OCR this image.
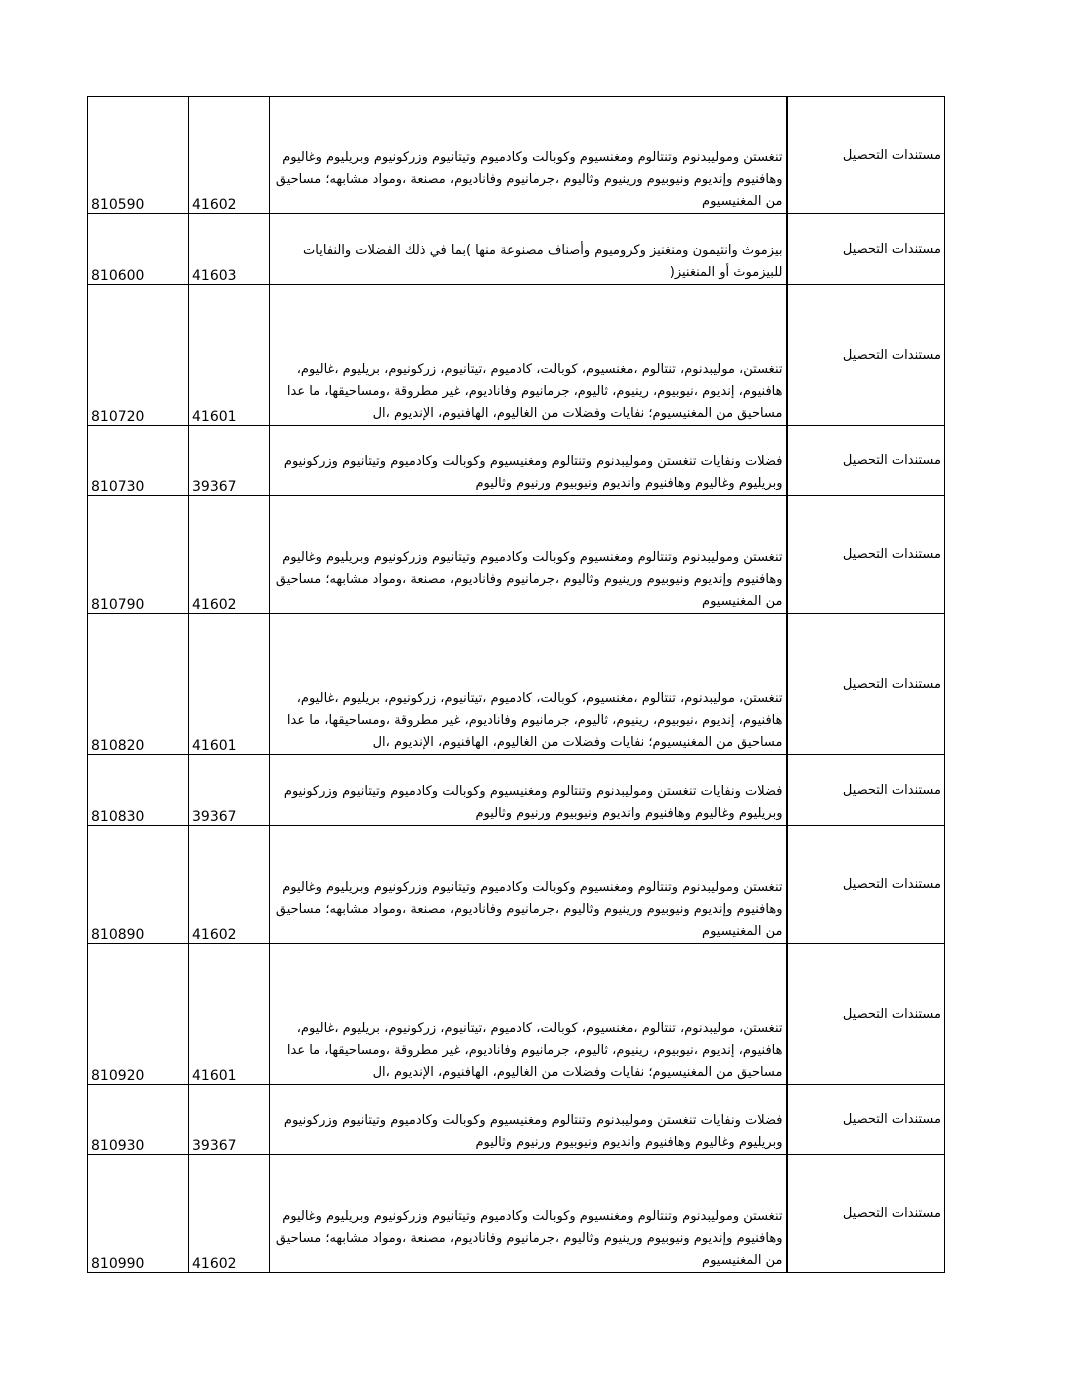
810590	41602	تنغستن وموليبدنوم وتنتالوم ومغنسيوم وكوبالت وكادميوم وتيتانيوم وزركونيوم وبريليوم وغاليوم وهافنيوم وإنديوم ونيوبيوم ورينيوم وثاليوم ،جرمانيوم وفاناديوم، مصنعة ،ومواد مشابهه؛ مساحيق من المغنيسيوم	مستندات التحصيل
810600	41603	بيزموث وانتيمون ومنغنيز وكروميوم وأصناف مصنوعة منها )بما في ذلك الفضلات والنفايات للبيزموث أو المنغنيز(	مستندات التحصيل
810720	41601	تنغستن، موليبدنوم، تنتالوم ،مغنسيوم، كوبالت، كادميوم ،تيتانيوم، زركونيوم، بريليوم ،غاليوم، هافنيوم، إنديوم ،نيوبيوم، رينيوم، ثاليوم، جرمانيوم وفاناديوم، غير مطروقة ،ومساحيقها، ما عدا مساحيق من المغنيسيوم؛ نفايات وفضلات من الغاليوم، الهافنيوم، الإنديوم ،ال	مستندات التحصيل
810730	39367	فضلات ونفايات تنغستن وموليبدنوم وتنتالوم ومغنيسيوم وكوبالت وكادميوم وتيتانيوم وزركونيوم وبريليوم وغاليوم وهافنيوم وانديوم ونيوبيوم ورنيوم وثاليوم	مستندات التحصيل
810790	41602	تنغستن وموليبدنوم وتنتالوم ومغنسيوم وكوبالت وكادميوم وتيتانيوم وزركونيوم وبريليوم وغاليوم وهافنيوم وإنديوم ونيوبيوم ورينيوم وثاليوم ،جرمانيوم وفاناديوم، مصنعة ،ومواد مشابهه؛ مساحيق من المغنيسيوم	مستندات التحصيل
810820	41601	تنغستن، موليبدنوم، تنتالوم ،مغنسيوم، كوبالت، كادميوم ،تيتانيوم، زركونيوم، بريليوم ،غاليوم، هافنيوم، إنديوم ،نيوبيوم، رينيوم، ثاليوم، جرمانيوم وفاناديوم، غير مطروقة ،ومساحيقها، ما عدا مساحيق من المغنيسيوم؛ نفايات وفضلات من الغاليوم، الهافنيوم، الإنديوم ،ال	مستندات التحصيل
810830	39367	فضلات ونفايات تنغستن وموليبدنوم وتنتالوم ومغنيسيوم وكوبالت وكادميوم وتيتانيوم وزركونيوم وبريليوم وغاليوم وهافنيوم وانديوم ونيوبيوم ورنيوم وثاليوم	مستندات التحصيل
810890	41602	تنغستن وموليبدنوم وتنتالوم ومغنسيوم وكوبالت وكادميوم وتيتانيوم وزركونيوم وبريليوم وغاليوم وهافنيوم وإنديوم ونيوبيوم ورينيوم وثاليوم ،جرمانيوم وفاناديوم، مصنعة ،ومواد مشابهه؛ مساحيق من المغنيسيوم	مستندات التحصيل
810920	41601	تنغستن، موليبدنوم، تنتالوم ،مغنسيوم، كوبالت، كادميوم ،تيتانيوم، زركونيوم، بريليوم ،غاليوم، هافنيوم، إنديوم ،نيوبيوم، رينيوم، ثاليوم، جرمانيوم وفاناديوم، غير مطروقة ،ومساحيقها، ما عدا مساحيق من المغنيسيوم؛ نفايات وفضلات من الغاليوم، الهافنيوم، الإنديوم ،ال	مستندات التحصيل
810930	39367	فضلات ونفايات تنغستن وموليبدنوم وتنتالوم ومغنيسيوم وكوبالت وكادميوم وتيتانيوم وزركونيوم وبريليوم وغاليوم وهافنيوم وانديوم ونيوبيوم ورنيوم وثاليوم	مستندات التحصيل
810990	41602	تنغستن وموليبدنوم وتنتالوم ومغنسيوم وكوبالت وكادميوم وتيتانيوم وزركونيوم وبريليوم وغاليوم وهافنيوم وإنديوم ونيوبيوم ورينيوم وثاليوم ،جرمانيوم وفاناديوم، مصنعة ،ومواد مشابهه؛ مساحيق من المغنيسيوم	مستندات التحصيل
